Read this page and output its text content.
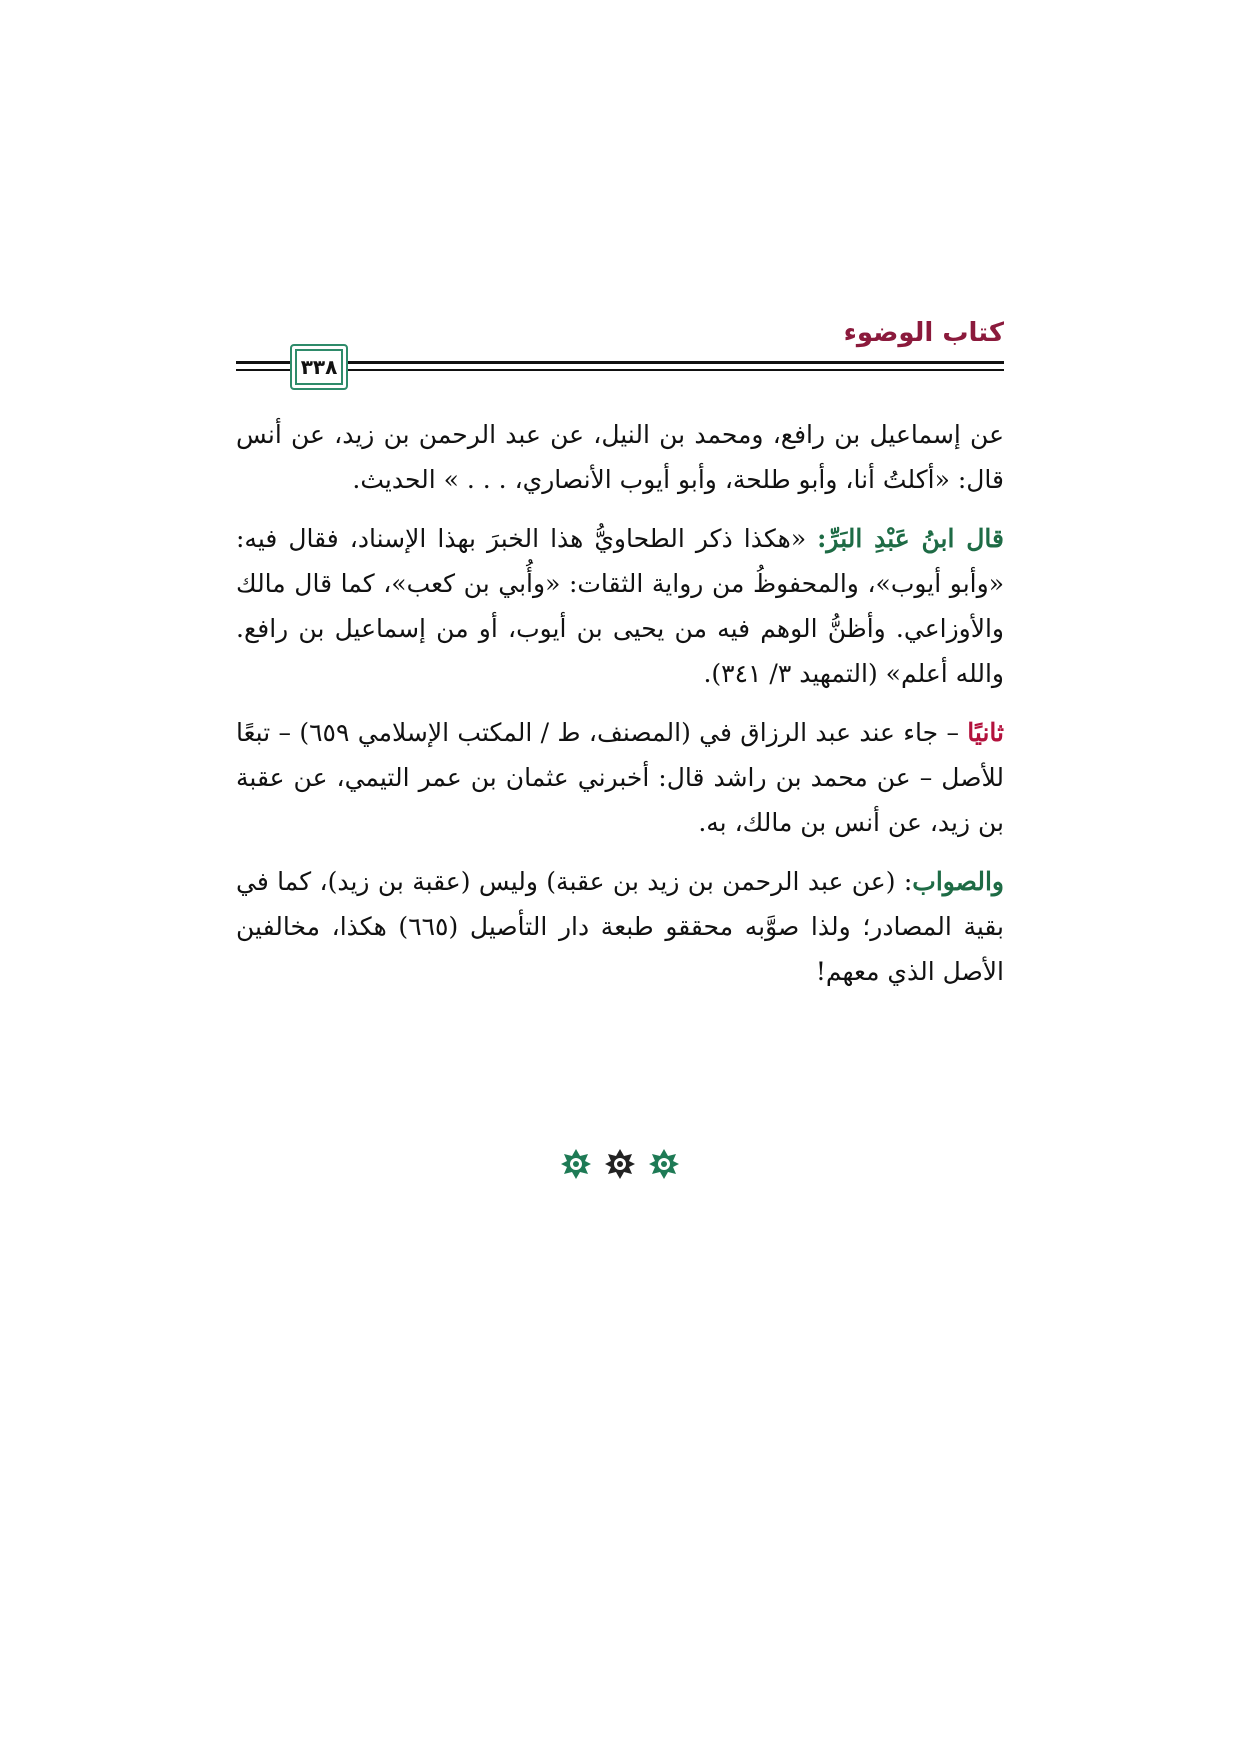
كتاب الوضوء
٣٣٨

عن إسماعيل بن رافع، ومحمد بن النيل، عن عبد الرحمن بن زيد، عن أنس قال: «أكلتُ أنا، وأبو طلحة، وأبو أيوب الأنصاري، . . . » الحديث.

قال ابنُ عَبْدِ البَرِّ: «هكذا ذكر الطحاويُّ هذا الخبرَ بهذا الإسناد، فقال فيه: «وأبو أيوب»، والمحفوظُ من رواية الثقات: «وأُبي بن كعب»، كما قال مالك والأوزاعي. وأظنُّ الوهم فيه من يحيى بن أيوب، أو من إسماعيل بن رافع. والله أعلم» (التمهيد ٣/ ٣٤١).

ثانيًا – جاء عند عبد الرزاق في (المصنف، ط / المكتب الإسلامي ٦٥٩) – تبعًا للأصل – عن محمد بن راشد قال: أخبرني عثمان بن عمر التيمي، عن عقبة بن زيد، عن أنس بن مالك، به.

والصواب: (عن عبد الرحمن بن زيد بن عقبة) وليس (عقبة بن زيد)، كما في بقية المصادر؛ ولذا صوَّبه محققو طبعة دار التأصيل (٦٦٥) هكذا، مخالفين الأصل الذي معهم!
